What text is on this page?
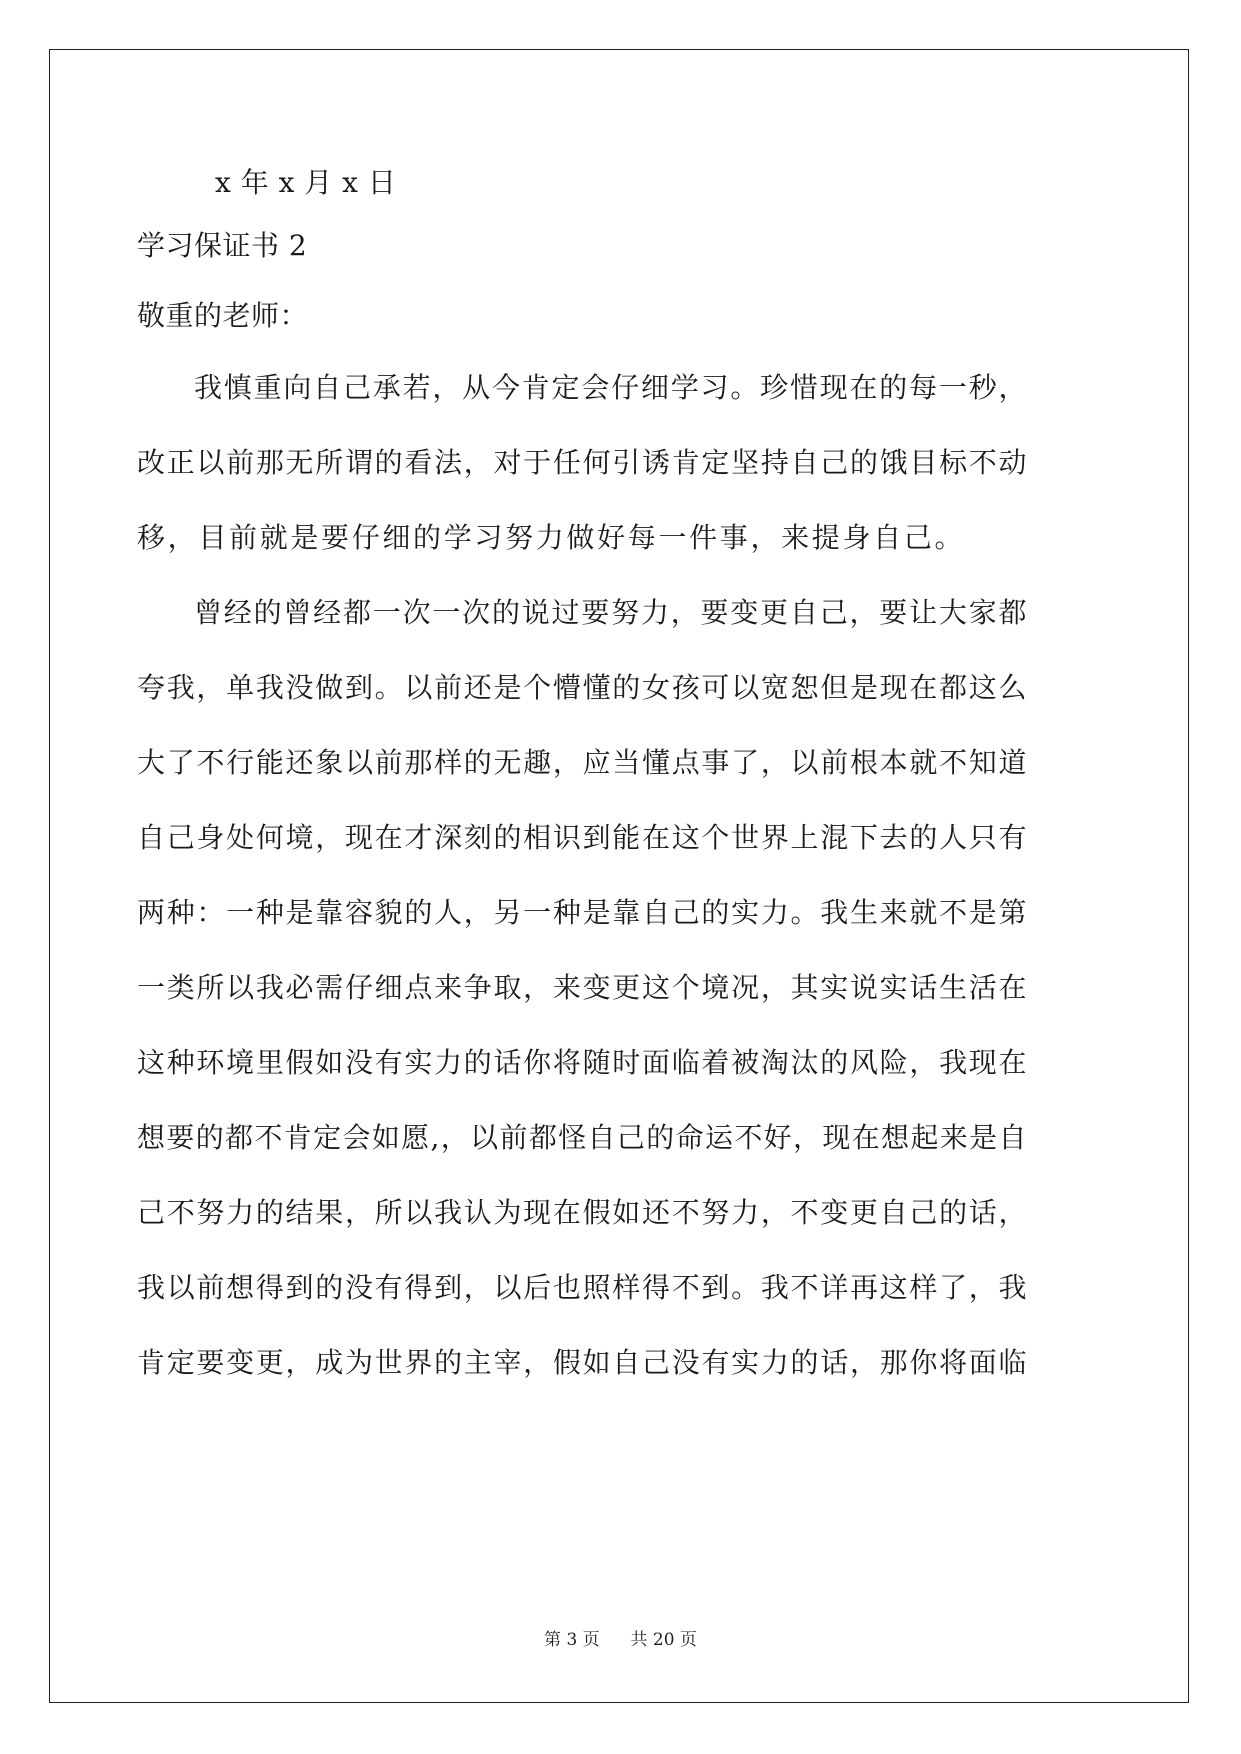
x 年 x 月 x 日

学习保证书 2

敬重的老师：

我慎重向自己承若，从今肯定会仔细学习。珍惜现在的每一秒，

改正以前那无所谓的看法，对于任何引诱肯定坚持自己的饿目标不动

移，目前就是要仔细的学习努力做好每一件事，来提身自己。

曾经的曾经都一次一次的说过要努力，要变更自己，要让大家都

夸我，单我没做到。以前还是个懵懂的女孩可以宽恕但是现在都这么

大了不行能还象以前那样的无趣，应当懂点事了，以前根本就不知道

自己身处何境，现在才深刻的相识到能在这个世界上混下去的人只有

两种：一种是靠容貌的人，另一种是靠自己的实力。我生来就不是第

一类所以我必需仔细点来争取，来变更这个境况，其实说实话生活在

这种环境里假如没有实力的话你将随时面临着被淘汰的风险，我现在

想要的都不肯定会如愿,，以前都怪自己的命运不好，现在想起来是自

己不努力的结果，所以我认为现在假如还不努力，不变更自己的话，

我以前想得到的没有得到，以后也照样得不到。我不详再这样了，我

肯定要变更，成为世界的主宰，假如自己没有实力的话，那你将面临

第 3 页 共 20 页
